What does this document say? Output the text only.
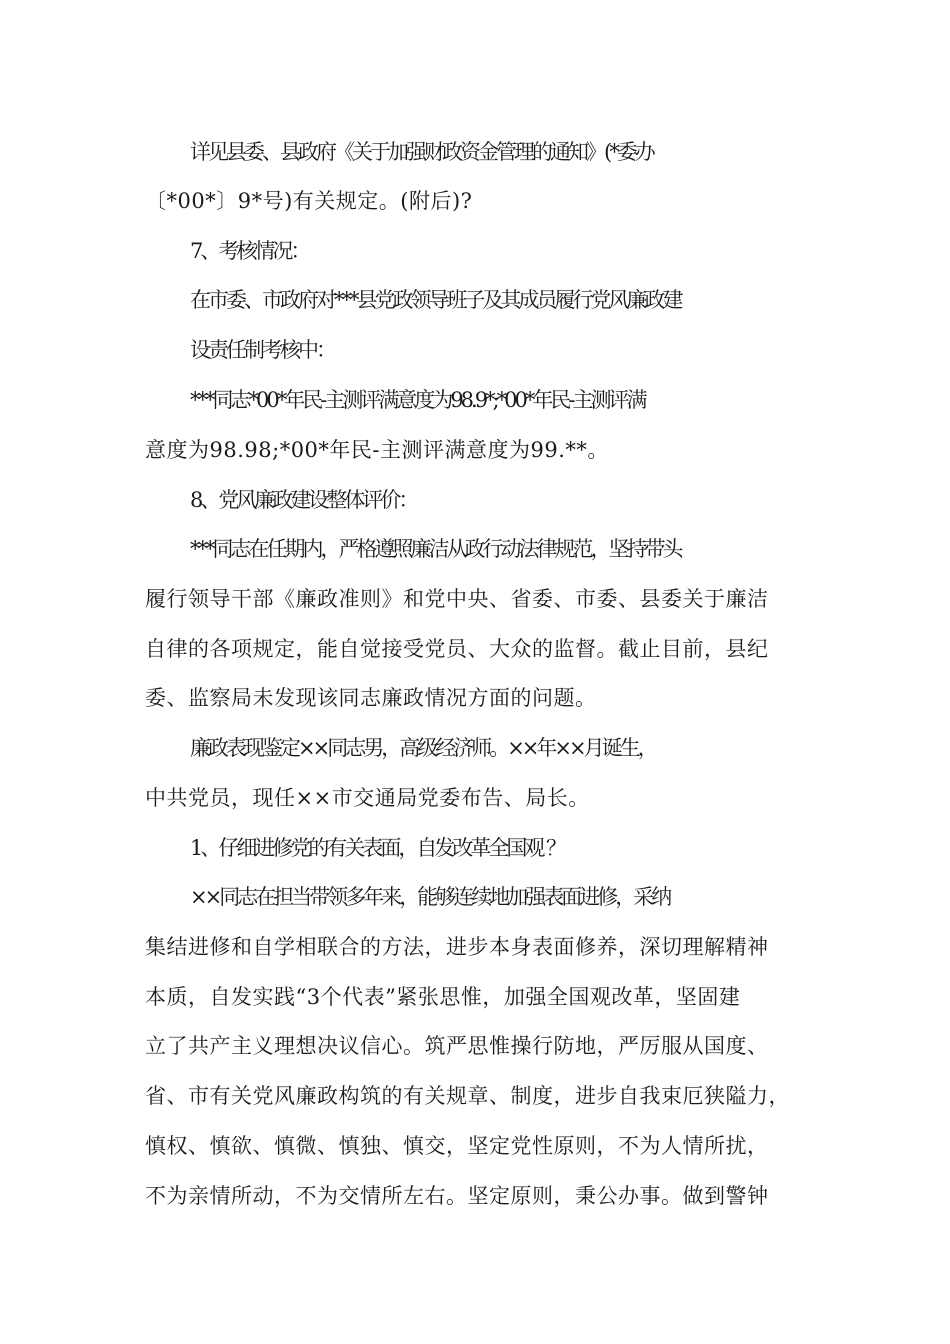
详见县委、县政府《关于加强财政资金管理的通知》(*委办
〔*00*〕9*号)有关规定。(附后)?
7、考核情况：
在市委、市政府对***县党政领导班子及其成员履行党风廉政建
设责任制考核中：
***同志*00*年民-主测评满意度为98.9*;*00*年民-主测评满
意度为98.98;*00*年民-主测评满意度为99.**。
8、党风廉政建设整体评价：
***同志在任期内，严格遵照廉洁从政行动法律规范，坚持带头
履行领导干部《廉政准则》和党中央、省委、市委、县委关于廉洁
自律的各项规定，能自觉接受党员、大众的监督。截止目前，县纪
委、监察局未发现该同志廉政情况方面的问题。
廉政表现鉴定××同志男，高级经济师。××年××月诞生，
中共党员，现任××市交通局党委布告、局长。
1、仔细进修党的有关表面，自发改革全国观 ？
××同志在担当带领多年来，能够连续地加强表面进修，采纳
集结进修和自学相联合的方法，进步本身表面修养，深切理解精神
本质，自发实践“3个代表”紧张思惟，加强全国观改革，坚固建
立了共产主义理想决议信心。筑严思惟操行防地，严厉服从国度、
省、市有关党风廉政构筑的有关规章、制度，进步自我束厄狭隘力，
慎权、慎欲、慎微、慎独、慎交，坚定党性原则，不为人情所扰，
不为亲情所动，不为交情所左右。坚定原则，秉公办事。做到警钟
